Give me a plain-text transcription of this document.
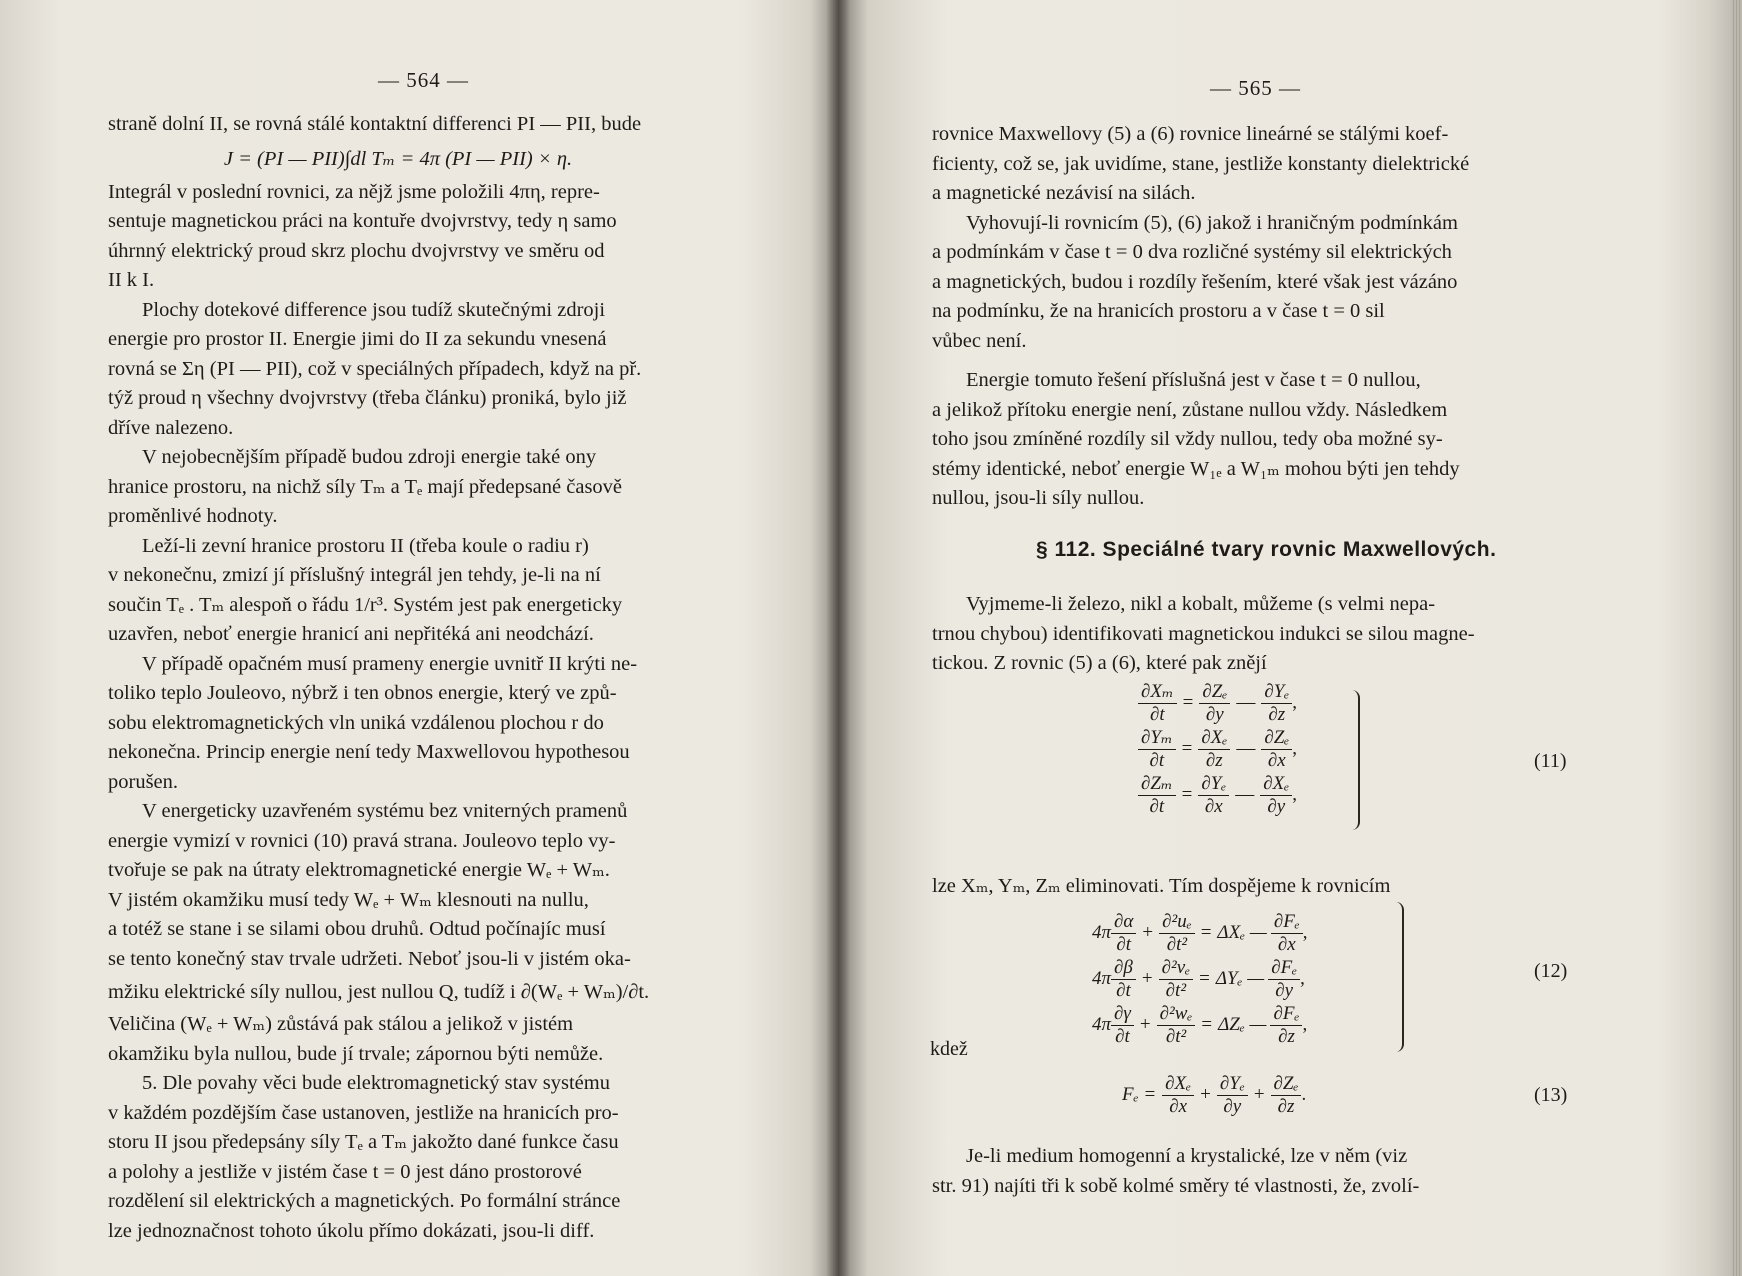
— 564 —
straně dolní II, se rovná stálé kontaktní differenci PI — PII, bude
J = (PI — PII)∫dl Tₘ = 4π (PI — PII) × η.
Integrál v poslední rovnici, za nějž jsme položili 4πη, repre-
sentuje magnetickou práci na kontuře dvojvrstvy, tedy η samo
úhrnný elektrický proud skrz plochu dvojvrstvy ve směru od
II k I.
Plochy dotekové difference jsou tudíž skutečnými zdroji
energie pro prostor II. Energie jimi do II za sekundu vnesená
rovná se Ση (PI — PII), což v speciálných případech, když na př.
týž proud η všechny dvojvrstvy (třeba článku) proniká, bylo již
dříve nalezeno.
V nejobecnějším případě budou zdroji energie také ony
hranice prostoru, na nichž síly Tₘ a Tₑ mají předepsané časově
proměnlivé hodnoty.
Leží-li zevní hranice prostoru II (třeba koule o radiu r)
v nekonečnu, zmizí jí příslušný integrál jen tehdy, je-li na ní
součin Tₑ . Tₘ alespoň o řádu 1/r³. Systém jest pak energeticky
uzavřen, neboť energie hranicí ani nepřitéká ani neodchází.
V případě opačném musí prameny energie uvnitř II krýti ne-
toliko teplo Jouleovo, nýbrž i ten obnos energie, který ve způ-
sobu elektromagnetických vln uniká vzdálenou plochou r do
nekonečna. Princip energie není tedy Maxwellovou hypothesou
porušen.
V energeticky uzavřeném systému bez vniterných pramenů
energie vymizí v rovnici (10) pravá strana. Jouleovo teplo vy-
tvořuje se pak na útraty elektromagnetické energie Wₑ + Wₘ.
V jistém okamžiku musí tedy Wₑ + Wₘ klesnouti na nullu,
a totéž se stane i se silami obou druhů. Odtud počínajíc musí
se tento konečný stav trvale udržeti. Neboť jsou-li v jistém oka-
mžiku elektrické síly nullou, jest nullou Q, tudíž i ∂(Wₑ + Wₘ)/∂t.
Veličina (Wₑ + Wₘ) zůstává pak stálou a jelikož v jistém
okamžiku byla nullou, bude jí trvale; zápornou býti nemůže.
5. Dle povahy věci bude elektromagnetický stav systému
v každém pozdějším čase ustanoven, jestliže na hranicích pro-
storu II jsou předepsány síly Tₑ a Tₘ jakožto dané funkce času
a polohy a jestliže v jistém čase t = 0 jest dáno prostorové
rozdělení sil elektrických a magnetických. Po formální stránce
lze jednoznačnost tohoto úkolu přímo dokázati, jsou-li diff.
— 565 —
rovnice Maxwellovy (5) a (6) rovnice lineárné se stálými koef-
ficienty, což se, jak uvidíme, stane, jestliže konstanty dielektrické
a magnetické nezávisí na silách.
Vyhovují-li rovnicím (5), (6) jakož i hraničným podmínkám
a podmínkám v čase t = 0 dva rozličné systémy sil elektrických
a magnetických, budou i rozdíly řešením, které však jest vázáno
na podmínku, že na hranicích prostoru a v čase t = 0 sil
vůbec není.
Energie tomuto řešení příslušná jest v čase t = 0 nullou,
a jelikož přítoku energie není, zůstane nullou vždy. Následkem
toho jsou zmíněné rozdíly sil vždy nullou, tedy oba možné sy-
stémy identické, neboť energie W₁ₑ a W₁ₘ mohou býti jen tehdy
nullou, jsou-li síly nullou.
§ 112. Speciálné tvary rovnic Maxwellových.
Vyjmeme-li železo, nikl a kobalt, můžeme (s velmi nepa-
trnou chybou) identifikovati magnetickou indukci se silou magne-
tickou. Z rovnic (5) a (6), které pak znějí
$\frac{\text{∂Xₘ}}{\partial t} = \frac{\text{∂Zₑ}}{\partial y}$ — $\frac{\text{∂Yₑ}}{\partial z}$ ,
$\frac{\text{∂Yₘ}}{\partial t} = \frac{\text{∂Xₑ}}{\partial z}$ — $\frac{\text{∂Zₑ}}{\partial x}$ ,
$\frac{\text{∂Zₘ}}{\partial t} = \frac{\text{∂Yₑ}}{\partial x}$ — $\frac{\text{∂Xₑ}}{\partial y}$ ,
(11)
lze Xₘ, Yₘ, Zₘ eliminovati. Tím dospějeme k rovnicím
$4\pi \frac{\partial\alpha}{\partial t} + \frac{\text{∂²uₑ}}{\text{∂t²}} = \Delta X_e$ — $\frac{\text{∂Fₑ}}{\partial x}$ ,
$4\pi \frac{\partial\beta}{\partial t} + \frac{\text{∂²vₑ}}{\text{∂t²}} = \Delta Y_e$ — $\frac{\text{∂Fₑ}}{\partial y}$ ,
$4\pi \frac{\partial\gamma}{\partial t} + \frac{\text{∂²wₑ}}{\text{∂t²}} = \Delta Z_e$ — $\frac{\text{∂Fₑ}}{\partial z}$ ,
(12)
kdež
$F_e = \frac{\text{∂Xₑ}}{\partial x} + \frac{\text{∂Yₑ}}{\partial y} + \frac{\text{∂Zₑ}}{\partial z}$ .	(13)
Je-li medium homogenní a krystalické, lze v něm (viz
str. 91) najíti tři k sobě kolmé směry té vlastnosti, že, zvolí-
